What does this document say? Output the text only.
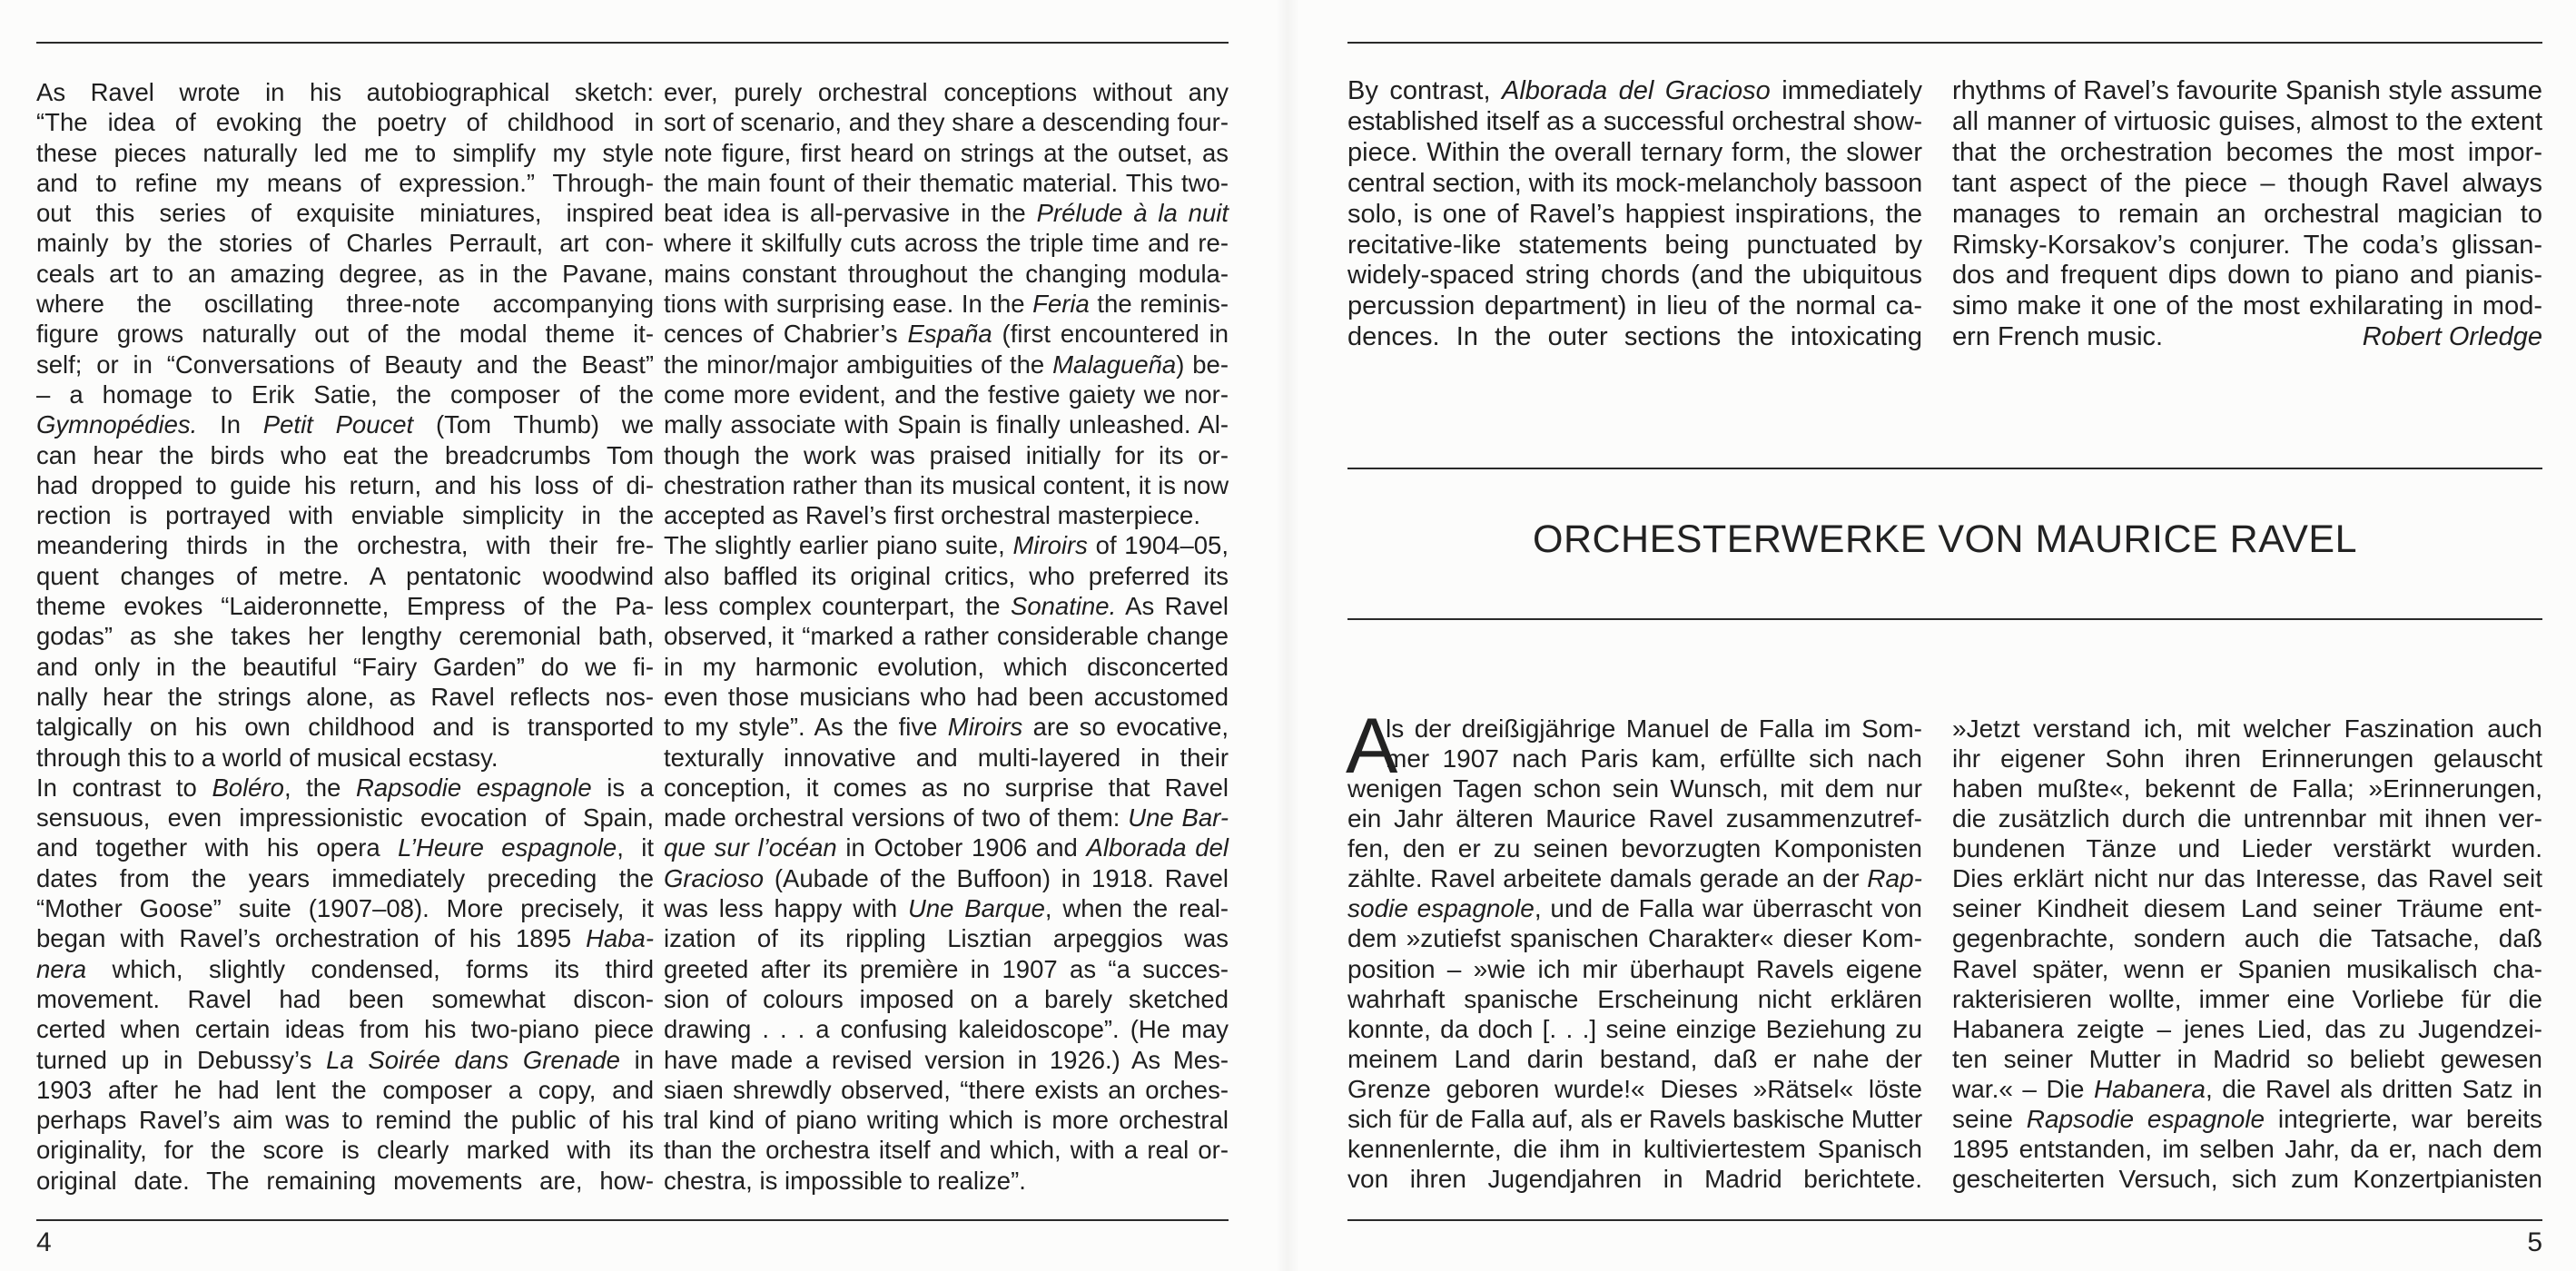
As Ravel wrote in his autobiographical sketch:
“The idea of evoking the poetry of childhood in
these pieces naturally led me to simplify my style
and to refine my means of expression.” Through-
out this series of exquisite miniatures, inspired
mainly by the stories of Charles Perrault, art con-
ceals art to an amazing degree, as in the Pavane,
where the oscillating three-note accompanying
figure grows naturally out of the modal theme it-
self; or in “Conversations of Beauty and the Beast”
– a homage to Erik Satie, the composer of the
Gymnopédies. In Petit Poucet (Tom Thumb) we
can hear the birds who eat the breadcrumbs Tom
had dropped to guide his return, and his loss of di-
rection is portrayed with enviable simplicity in the
meandering thirds in the orchestra, with their fre-
quent changes of metre. A pentatonic woodwind
theme evokes “Laideronnette, Empress of the Pa-
godas” as she takes her lengthy ceremonial bath,
and only in the beautiful “Fairy Garden” do we fi-
nally hear the strings alone, as Ravel reflects nos-
talgically on his own childhood and is transported
through this to a world of musical ecstasy.
In contrast to Boléro, the Rapsodie espagnole is a
sensuous, even impressionistic evocation of Spain,
and together with his opera L’Heure espagnole, it
dates from the years immediately preceding the
“Mother Goose” suite (1907–08). More precisely, it
began with Ravel’s orchestration of his 1895 Haba-
nera which, slightly condensed, forms its third
movement. Ravel had been somewhat discon-
certed when certain ideas from his two-piano piece
turned up in Debussy’s La Soirée dans Grenade in
1903 after he had lent the composer a copy, and
perhaps Ravel’s aim was to remind the public of his
originality, for the score is clearly marked with its
original date. The remaining movements are, how-
ever, purely orchestral conceptions without any
sort of scenario, and they share a descending four-
note figure, first heard on strings at the outset, as
the main fount of their thematic material. This two-
beat idea is all-pervasive in the Prélude à la nuit
where it skilfully cuts across the triple time and re-
mains constant throughout the changing modula-
tions with surprising ease. In the Feria the reminis-
cences of Chabrier’s España (first encountered in
the minor/major ambiguities of the Malagueña) be-
come more evident, and the festive gaiety we nor-
mally associate with Spain is finally unleashed. Al-
though the work was praised initially for its or-
chestration rather than its musical content, it is now
accepted as Ravel’s first orchestral masterpiece.
The slightly earlier piano suite, Miroirs of 1904–05,
also baffled its original critics, who preferred its
less complex counterpart, the Sonatine. As Ravel
observed, it “marked a rather considerable change
in my harmonic evolution, which disconcerted
even those musicians who had been accustomed
to my style”. As the five Miroirs are so evocative,
texturally innovative and multi-layered in their
conception, it comes as no surprise that Ravel
made orchestral versions of two of them: Une Bar-
que sur l’océan in October 1906 and Alborada del
Gracioso (Aubade of the Buffoon) in 1918. Ravel
was less happy with Une Barque, when the real-
ization of its rippling Lisztian arpeggios was
greeted after its première in 1907 as “a succes-
sion of colours imposed on a barely sketched
drawing . . . a confusing kaleidoscope”. (He may
have made a revised version in 1926.) As Mes-
siaen shrewdly observed, “there exists an orches-
tral kind of piano writing which is more orchestral
than the orchestra itself and which, with a real or-
chestra, is impossible to realize”.
4
By contrast, Alborada del Gracioso immediately
established itself as a successful orchestral show-
piece. Within the overall ternary form, the slower
central section, with its mock-melancholy bassoon
solo, is one of Ravel’s happiest inspirations, the
recitative-like statements being punctuated by
widely-spaced string chords (and the ubiquitous
percussion department) in lieu of the normal ca-
dences. In the outer sections the intoxicating
rhythms of Ravel’s favourite Spanish style assume
all manner of virtuosic guises, almost to the extent
that the orchestration becomes the most impor-
tant aspect of the piece – though Ravel always
manages to remain an orchestral magician to
Rimsky-Korsakov’s conjurer. The coda’s glissan-
dos and frequent dips down to piano and pianis-
simo make it one of the most exhilarating in mod-
ern French music.	Robert Orledge
ORCHESTERWERKE VON MAURICE RAVEL
A
ls der dreißigjährige Manuel de Falla im Som-
mer 1907 nach Paris kam, erfüllte sich nach
wenigen Tagen schon sein Wunsch, mit dem nur
ein Jahr älteren Maurice Ravel zusammenzutref-
fen, den er zu seinen bevorzugten Komponisten
zählte. Ravel arbeitete damals gerade an der Rap-
sodie espagnole, und de Falla war überrascht von
dem »zutiefst spanischen Charakter« dieser Kom-
position – »wie ich mir überhaupt Ravels eigene
wahrhaft spanische Erscheinung nicht erklären
konnte, da doch [. . .] seine einzige Beziehung zu
meinem Land darin bestand, daß er nahe der
Grenze geboren wurde!« Dieses »Rätsel« löste
sich für de Falla auf, als er Ravels baskische Mutter
kennenlernte, die ihm in kultiviertestem Spanisch
von ihren Jugendjahren in Madrid berichtete.
»Jetzt verstand ich, mit welcher Faszination auch
ihr eigener Sohn ihren Erinnerungen gelauscht
haben mußte«, bekennt de Falla; »Erinnerungen,
die zusätzlich durch die untrennbar mit ihnen ver-
bundenen Tänze und Lieder verstärkt wurden.
Dies erklärt nicht nur das Interesse, das Ravel seit
seiner Kindheit diesem Land seiner Träume ent-
gegenbrachte, sondern auch die Tatsache, daß
Ravel später, wenn er Spanien musikalisch cha-
rakterisieren wollte, immer eine Vorliebe für die
Habanera zeigte – jenes Lied, das zu Jugendzei-
ten seiner Mutter in Madrid so beliebt gewesen
war.« – Die Habanera, die Ravel als dritten Satz in
seine Rapsodie espagnole integrierte, war bereits
1895 entstanden, im selben Jahr, da er, nach dem
gescheiterten Versuch, sich zum Konzertpianisten
5
